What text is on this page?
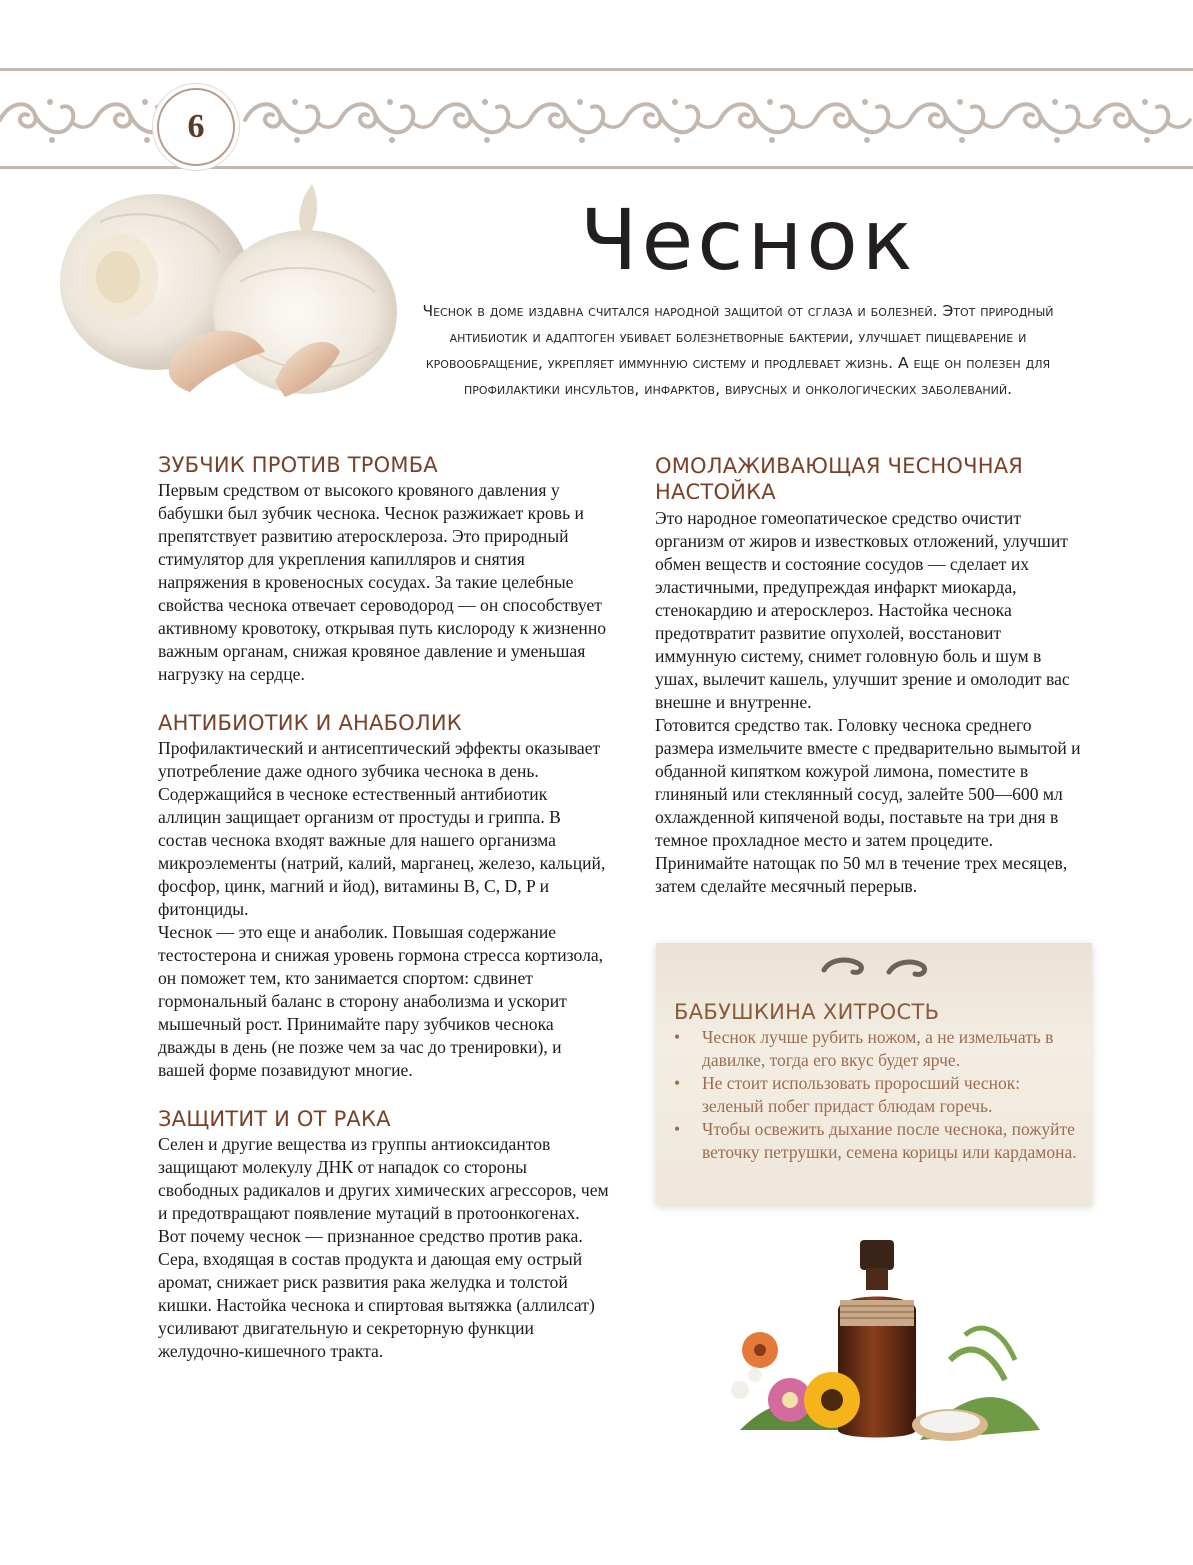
6
Чеснок

Чеснок в доме издавна считался народной защитой от сглаза и болезней. Этот природный антибиотик и адаптоген убивает болезнетворные бактерии, улучшает пищеварение и кровообращение, укрепляет иммунную систему и продлевает жизнь. А еще он полезен для профилактики инсультов, инфарктов, вирусных и онкологических заболеваний.

ЗУБЧИК ПРОТИВ ТРОМБА

Первым средством от высокого кровяного давления у бабушки был зубчик чеснока. Чеснок разжижает кровь и препятствует развитию атеросклероза. Это природный стимулятор для укрепления капилляров и снятия напряжения в кровеносных сосудах. За такие целебные свойства чеснока отвечает сероводород — он способствует активному кровотоку, открывая путь кислороду к жизненно важным органам, снижая кровяное давление и уменьшая нагрузку на сердце.

АНТИБИОТИК И АНАБОЛИК

Профилактический и антисептический эффекты оказывает употребление даже одного зубчика чеснока в день. Содержащийся в чесноке естественный антибиотик аллицин защищает организм от простуды и гриппа. В состав чеснока входят важные для нашего организма микроэлементы (натрий, калий, марганец, железо, кальций, фосфор, цинк, магний и йод), витамины B, C, D, P и фитонциды.

Чеснок — это еще и анаболик. Повышая содержание тестостерона и снижая уровень гормона стресса кортизола, он поможет тем, кто занимается спортом: сдвинет гормональный баланс в сторону анаболизма и ускорит мышечный рост. Принимайте пару зубчиков чеснока дважды в день (не позже чем за час до тренировки), и вашей форме позавидуют многие.

ЗАЩИТИТ И ОТ РАКА

Селен и другие вещества из группы антиоксидантов защищают молекулу ДНК от нападок со стороны свободных радикалов и других химических агрессоров, чем и предотвращают появление мутаций в протоонкогенах. Вот почему чеснок — признанное средство против рака. Сера, входящая в состав продукта и дающая ему острый аромат, снижает риск развития рака желудка и толстой кишки. Настойка чеснока и спиртовая вытяжка (аллилсат) усиливают двигательную и секреторную функции желудочно-кишечного тракта.

ОМОЛАЖИВАЮЩАЯ ЧЕСНОЧНАЯ
НАСТОЙКА

Это народное гомеопатическое средство очистит организм от жиров и известковых отложений, улучшит обмен веществ и состояние сосудов — сделает их эластичными, предупреждая инфаркт миокарда, стенокардию и атеросклероз. Настойка чеснока предотвратит развитие опухолей, восстановит иммунную систему, снимет головную боль и шум в ушах, вылечит кашель, улучшит зрение и омолодит вас внешне и внутренне.

Готовится средство так. Головку чеснока среднего размера измельчите вместе с предварительно вымытой и обданной кипятком кожурой лимона, поместите в глиняный или стеклянный сосуд, залейте 500—600 мл охлажденной кипяченой воды, поставьте на три дня в темное прохладное место и затем процедите. Принимайте натощак по 50 мл в течение трех месяцев, затем сделайте месячный перерыв.

БАБУШКИНА ХИТРОСТЬ
• Чеснок лучше рубить ножом, а не измельчать в давилке, тогда его вкус будет ярче.
• Не стоит использовать проросший чеснок: зеленый побег придаст блюдам горечь.
• Чтобы освежить дыхание после чеснока, пожуйте веточку петрушки, семена корицы или кардамона.
